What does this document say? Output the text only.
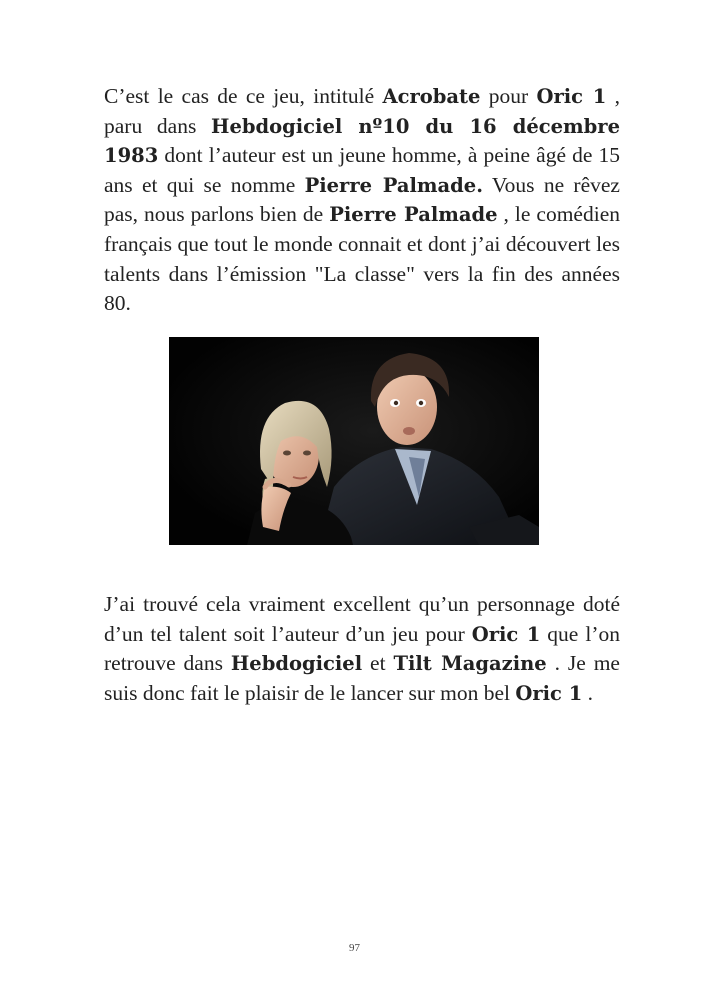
C’est le cas de ce jeu, intitulé Acrobate pour Oric 1 , paru dans Hebdogiciel nº10 du 16 décembre 1983 dont l’auteur est un jeune homme, à peine âgé de 15 ans et qui se nomme Pierre Palmade. Vous ne rêvez pas, nous parlons bien de Pierre Palmade , le comédien français que tout le monde connait et dont j’ai découvert les talents dans l’émission "La classe" vers la fin des années 80.

J’ai trouvé cela vraiment excellent qu’un personnage doté d’un tel talent soit l’auteur d’un jeu pour Oric 1 que l’on retrouve dans Hebdogiciel et Tilt Magazine . Je me suis donc fait le plaisir de le lancer sur mon bel Oric 1 .

97
